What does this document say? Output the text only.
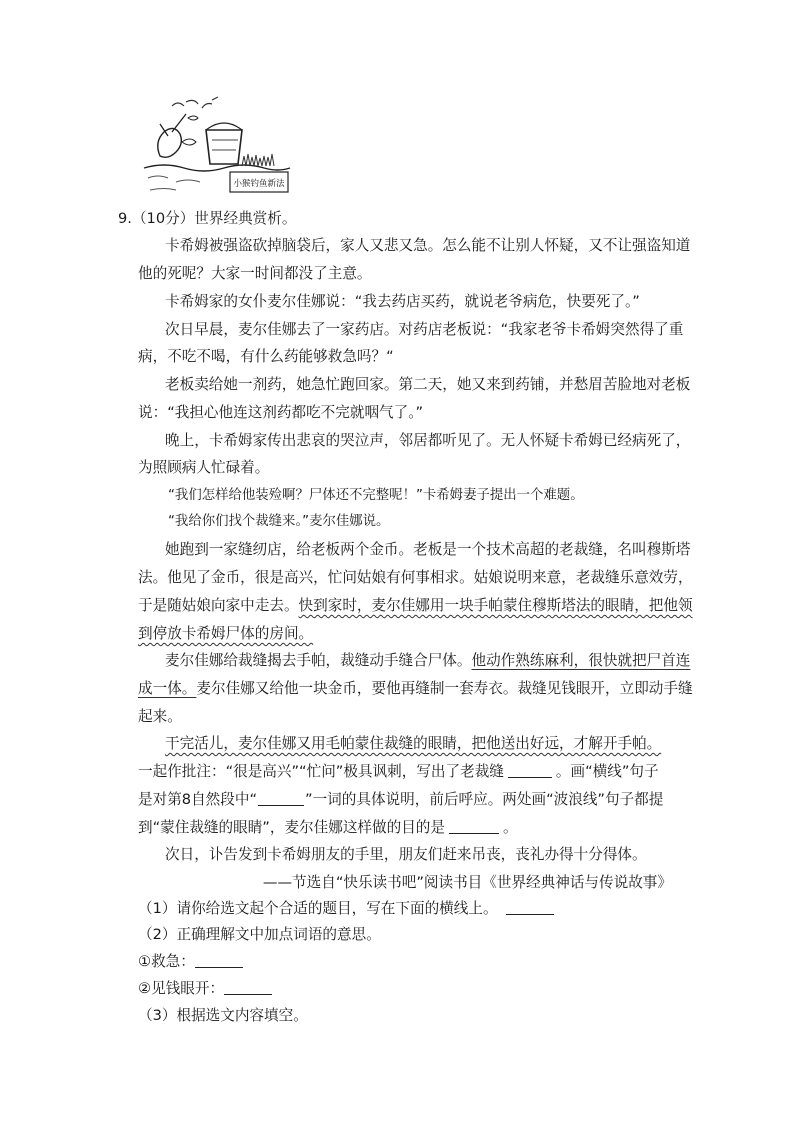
小猴钓鱼新法
9.（10分）世界经典赏析。
卡希姆被强盗砍掉脑袋后，家人又悲又急。怎么能不让别人怀疑，又不让强盗知道
他的死呢？大家一时间都没了主意。
卡希姆家的女仆麦尔佳娜说：“我去药店买药，就说老爷病危，快要死了。”
次日早晨，麦尔佳娜去了一家药店。对药店老板说：“我家老爷卡希姆突然得了重
病，不吃不喝，有什么药能够救急吗？“
老板卖给她一剂药，她急忙跑回家。第二天，她又来到药铺，并愁眉苦脸地对老板
说：“我担心他连这剂药都吃不完就咽气了。”
晚上，卡希姆家传出悲哀的哭泣声，邻居都听见了。无人怀疑卡希姆已经病死了，
为照顾病人忙碌着。
“我们怎样给他装殓啊？尸体还不完整呢！”卡希姆妻子提出一个难题。
“我给你们找个裁缝来。”麦尔佳娜说。
她跑到一家缝纫店，给老板两个金币。老板是一个技术高超的老裁缝，名叫穆斯塔
法。他见了金币，很是高兴，忙问姑娘有何事相求。姑娘说明来意，老裁缝乐意效劳，
于是随姑娘向家中走去。快到家时，麦尔佳娜用一块手帕蒙住穆斯塔法的眼睛，把他领
到停放卡希姆尸体的房间。
麦尔佳娜给裁缝揭去手帕，裁缝动手缝合尸体。他动作熟练麻利，很快就把尸首连
成一体。麦尔佳娜又给他一块金币，要他再缝制一套寿衣。裁缝见钱眼开，立即动手缝
起来。
干完活儿，麦尔佳娜又用毛帕蒙住裁缝的眼睛，把他送出好远，才解开手帕。
一起作批注：“很是高兴”“忙问”极具讽刺，写出了老裁缝	。画“横线”句子
是对第8自然段中“	”一词的具体说明，前后呼应。两处画“波浪线”句子都提
到“蒙住裁缝的眼睛”，麦尔佳娜这样做的目的是	。
次日，讣告发到卡希姆朋友的手里，朋友们赶来吊丧，丧礼办得十分得体。
——节选自“快乐读书吧”阅读书目《世界经典神话与传说故事》
（1）请你给选文起个合适的题目，写在下面的横线上。
（2）正确理解文中加点词语的意思。
①救急：
②见钱眼开：
（3）根据选文内容填空。
